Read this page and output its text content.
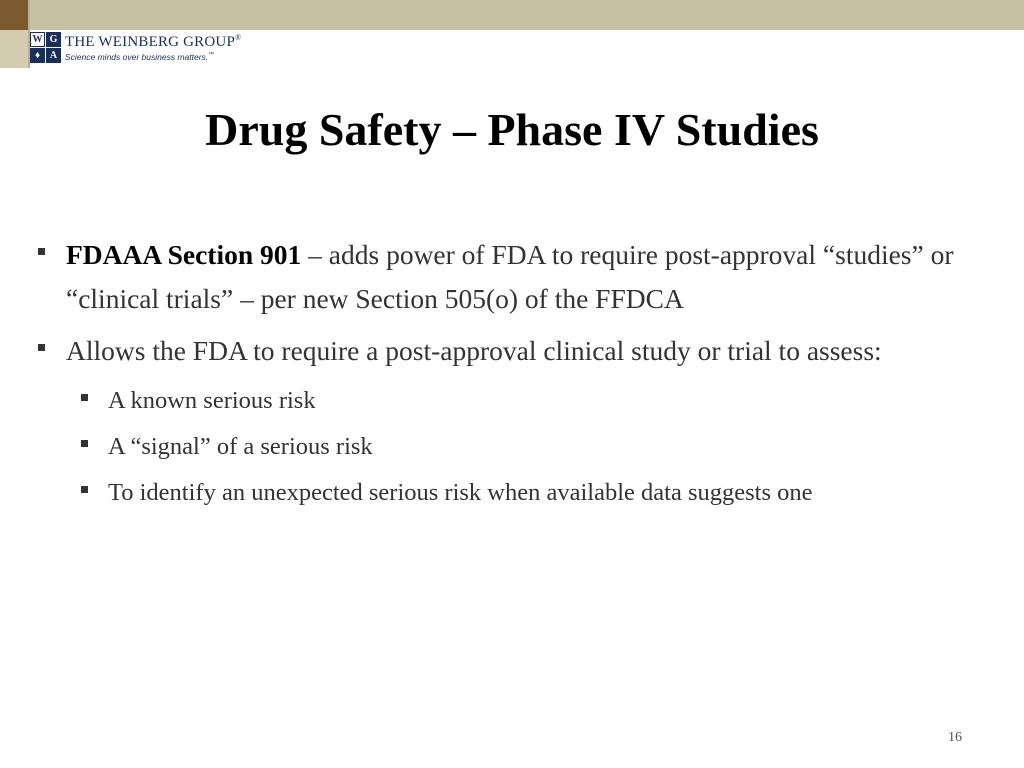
W G
♦ A
THE WEINBERG GROUP®
Science minds over business matters.™
Drug Safety – Phase IV Studies
FDAAA Section 901 – adds power of FDA to require post-approval “studies” or “clinical trials” – per new Section 505(o) of the FFDCA
Allows the FDA to require a post-approval clinical study or trial to assess:
A known serious risk
A “signal” of a serious risk
To identify an unexpected serious risk when available data suggests one
16
